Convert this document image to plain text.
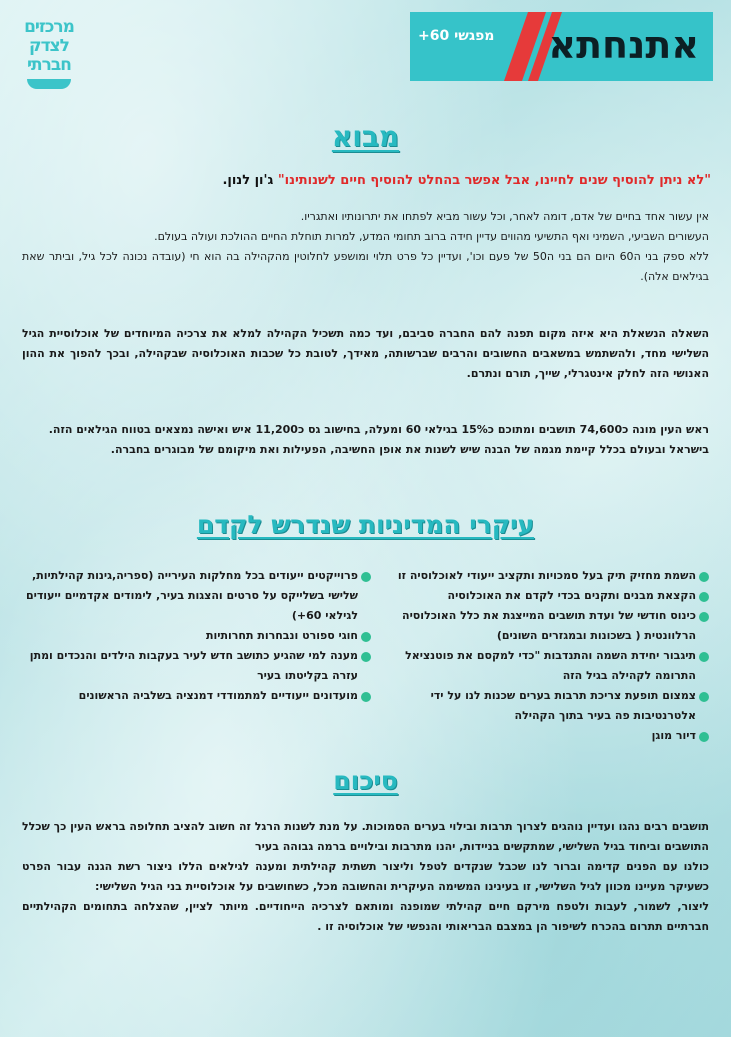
אתנחתא
מפגשי 60+
מרכזים
לצדק
חברתי
מבוא
"לא ניתן להוסיף שנים לחיינו, אבל אפשר בהחלט להוסיף חיים לשנותינו" ג'ון לנון.

אין עשור אחד בחיים של אדם, דומה לאחר, וכל עשור מביא לפתחו את יתרונותיו ואתגריו.

העשורים השביעי, השמיני ואף התשיעי מהווים עדיין חידה ברוב תחומי המדע, למרות תוחלת החיים ההולכת ועולה בעולם.

ללא ספק בני ה60 היום הם בני ה50 של פעם וכו', ועדיין כל פרט תלוי ומושפע לחלוטין מהקהילה בה הוא חי (עובדה נכונה לכל גיל, וביתר שאת בגילאים אלה).

השאלה הנשאלת היא איזה מקום תפנה להם החברה סביבם, ועד כמה תשכיל הקהילה למלא את צרכיה המיוחדים של אוכלוסיית הגיל השלישי מחד, ולהשתמש במשאבים החשובים והרבים שברשותה, מאידך, לטובת כל שכבות האוכלוסיה שבקהילה, ובכך להפוך את ההון האנושי הזה לחלק אינטגרלי, שייך, תורם ונתרם.

ראש העין מונה כ74,600 תושבים ומתוכם כ15% בגילאי 60 ומעלה, בחישוב גס כ11,200 איש ואישה נמצאים בטווח הגילאים הזה.

בישראל ובעולם בכלל קיימת מגמה של הבנה שיש לשנות את אופן החשיבה, הפעילות ואת מיקומם של מבוגרים בחברה.

עיקרי המדיניות שנדרש לקדם
השמת מחזיק תיק בעל סמכויות ותקציב ייעודי לאוכלוסיה זו
הקצאת מבנים ותקנים בכדי לקדם את האוכלוסיה
כינוס חודשי של ועדת תושבים המייצגת את כלל האוכלוסיה הרלוונטית ( בשכונות ובמגזרים השונים)
תיגבור יחידת השמה והתנדבות "כדי למקסם את פוטנציאל התרומה לקהילה בגיל הזה
צמצום תופעת צריכת תרבות בערים שכנות לנו על ידי אלטרנטיבות פה בעיר בתוך הקהילה
דיור מוגן
פרוייקטים ייעודים בכל מחלקות העירייה (ספריה,גינות קהילתיות, שלישי בשלייקס על סרטים והצגות בעיר, לימודים אקדמיים ייעודים לגילאי 60+)
חוגי ספורט ונבחרות תחרותיות
מענה למי שהגיע כתושב חדש לעיר בעקבות הילדים והנכדים ומתן עזרה בקליטתו בעיר
מועדונים ייעודיים למתמודדי דמנציה בשלביה הראשונים
סיכום

תושבים רבים נהגו ועדיין נוהגים לצרוך תרבות ובילוי בערים הסמוכות. על מנת לשנות הרגל זה חשוב להציב תחלופה בראש העין כך שכלל התושבים וביחוד בגיל השלישי, שמתקשים בניידות, יהנו מתרבות ובילויים ברמה גבוהה בעיר

כולנו עם הפנים קדימה וברור לנו שכבל שנקדים לטפל וליצור תשתית קהילתית ומענה לגילאים הללו ניצור רשת הגנה עבור הפרט כשעיקר מעיינו מכוון לגיל השלישי, זו בעינינו המשימה העיקרית והחשובה מכל, כשחושבים על אוכלוסיית בני הגיל השלישי:

ליצור, לשמור, לעבות ולטפח מירקם חיים קהילתי שמופנה ומותאם לצרכיה הייחודיים. מיותר לציין, שהצלחה בתחומים הקהילתיים חברתיים תתרום בהכרח לשיפור הן במצבם הבריאותי והנפשי של אוכלוסיה זו .
